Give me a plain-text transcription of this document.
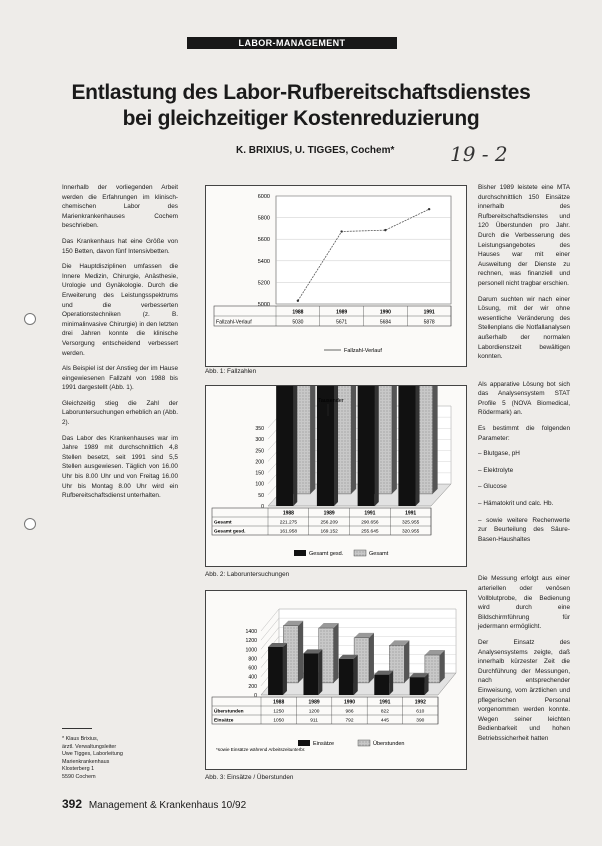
LABOR-MANAGEMENT
Entlastung des Labor-Rufbereitschaftsdienstes
bei gleichzeitiger Kostenreduzierung
K. BRIXIUS, U. TIGGES, Cochem*	19 - 2

Innerhalb der vorliegenden Arbeit werden die Erfahrungen im klinisch-chemischen Labor des Marienkrankenhauses Cochem beschrieben.

Das Krankenhaus hat eine Größe von 150 Betten, davon fünf Intensivbetten.

Die Hauptdisziplinen umfassen die Innere Medizin, Chirurgie, Anästhesie, Urologie und Gynäkologie. Durch die Erweiterung des Leistungsspektrums und die verbesserten Operationstechniken (z. B. minimalinvasive Chirurgie) in den letzten drei Jahren konnte die klinische Versorgung entscheidend verbessert werden.

Als Beispiel ist der Anstieg der im Hause eingewiesenen Fallzahl von 1988 bis 1991 dargestellt (Abb. 1).

Gleichzeitig stieg die Zahl der Laboruntersuchungen erheblich an (Abb. 2).

Das Labor des Krankenhauses war im Jahre 1989 mit durchschnittlich 4,8 Stellen besetzt, seit 1991 sind 5,5 Stellen ausgewiesen. Täglich von 16.00 Uhr bis 8.00 Uhr und von Freitag 16.00 Uhr bis Montag 8.00 Uhr wird ein Rufbereitschaftsdienst unterhalten.

* Klaus Brixius,
ärztl. Verwaltungsleiter
Uwe Tigges, Laborleitung
Marienkrankenhaus
Klosterberg 1
5590 Cochem

Bisher 1989 leistete eine MTA durchschnittlich 150 Einsätze innerhalb des Rufbereitschaftsdienstes und 120 Überstunden pro Jahr. Durch die Verbesserung des Leistungsangebotes des Hauses war mit einer Ausweitung der Dienste zu rechnen, was finanziell und personell nicht tragbar erschien.

Darum suchten wir nach einer Lösung, mit der wir ohne wesentliche Veränderung des Stellenplans die Notfallanalysen außerhalb der normalen Labordienstzeit bewältigen konnten.

Als apparative Lösung bot sich das Analysensystem STAT Profile 5 (NOVA Biomedical, Rödermark) an.

Es bestimmt die folgenden Parameter:

– Blutgase, pH
– Elektrolyte
– Glucose
– Hämatokrit und calc. Hb.
– sowie weitere Rechenwerte zur Beurteilung des Säure-Basen-Haushaltes

Die Messung erfolgt aus einer arteriellen oder venösen Vollblutprobe, die Bedienung wird durch eine Bildschirmführung für jedermann ermöglicht.

Der Einsatz des Analysensystems zeigte, daß innerhalb kürzester Zeit die Durchführung der Messungen, nach entsprechender Einweisung, vom ärztlichen und pflegerischen Personal vorgenommen werden konnte. Wegen seiner leichten Bedienbarkeit und hohen Betriebssicherheit hatten

5000
5200
5400
5600
5800
6000
1988	1989	1990	1991
Fallzahl-Verlauf	5030	5671	5684	5878
Fallzahl-Verlauf
Abb. 1: Fallzahlen
0
50
100
150
200
250
300
350
1988	1989	1991	1991
Gesamt	221.275	256.209	290.656	325.955
Gesamt gesd.	161.958	169.152	255.645	320.955
Tausender
Gesamt gesd.	Gesamt
Abb. 2: Laboruntersuchungen
0
200
400
600
800
1000
1200
1400
1988	1989	1990	1991	1992
Überstunden	1250	1200	986	822	610
Einsätze	1050	911	792	445	390
*sowie Einsätze während Arbeitszeitunterbr.
Einsätze	Überstunden
Abb. 3: Einsätze / Überstunden
392 Management & Krankenhaus 10/92
